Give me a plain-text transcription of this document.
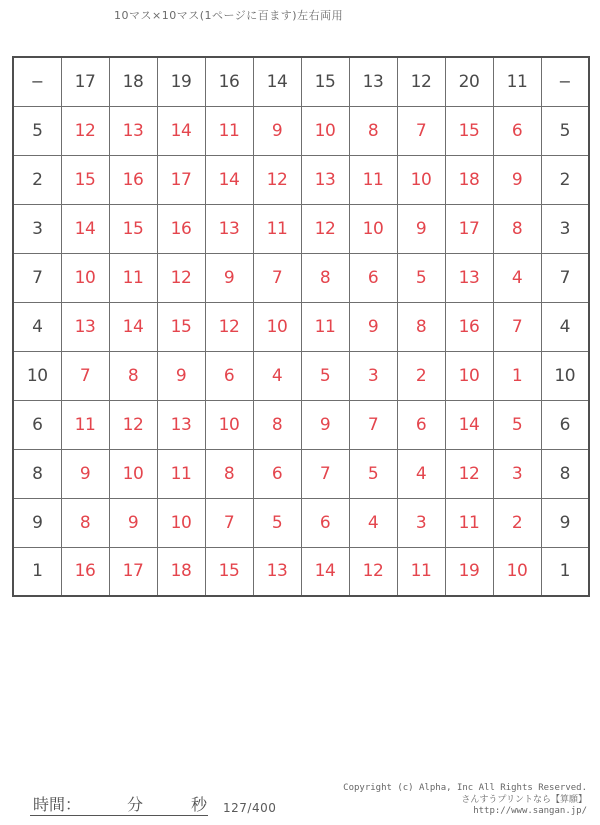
10マス×10マス(1ページに百ます)左右両用
−	17	18	19	16	14	15	13	12	20	11	−
5	12	13	14	11	9	10	8	7	15	6	5
2	15	16	17	14	12	13	11	10	18	9	2
3	14	15	16	13	11	12	10	9	17	8	3
7	10	11	12	9	7	8	6	5	13	4	7
4	13	14	15	12	10	11	9	8	16	7	4
10	7	8	9	6	4	5	3	2	10	1	10
6	11	12	13	10	8	9	7	6	14	5	6
8	9	10	11	8	6	7	5	4	12	3	8
9	8	9	10	7	5	6	4	3	11	2	9
1	16	17	18	15	13	14	12	11	19	10	1
時間：	分	秒 127/400
Copyright (c) Alpha, Inc All Rights Reserved.
さんすうプリントなら【算願】
http://www.sangan.jp/
